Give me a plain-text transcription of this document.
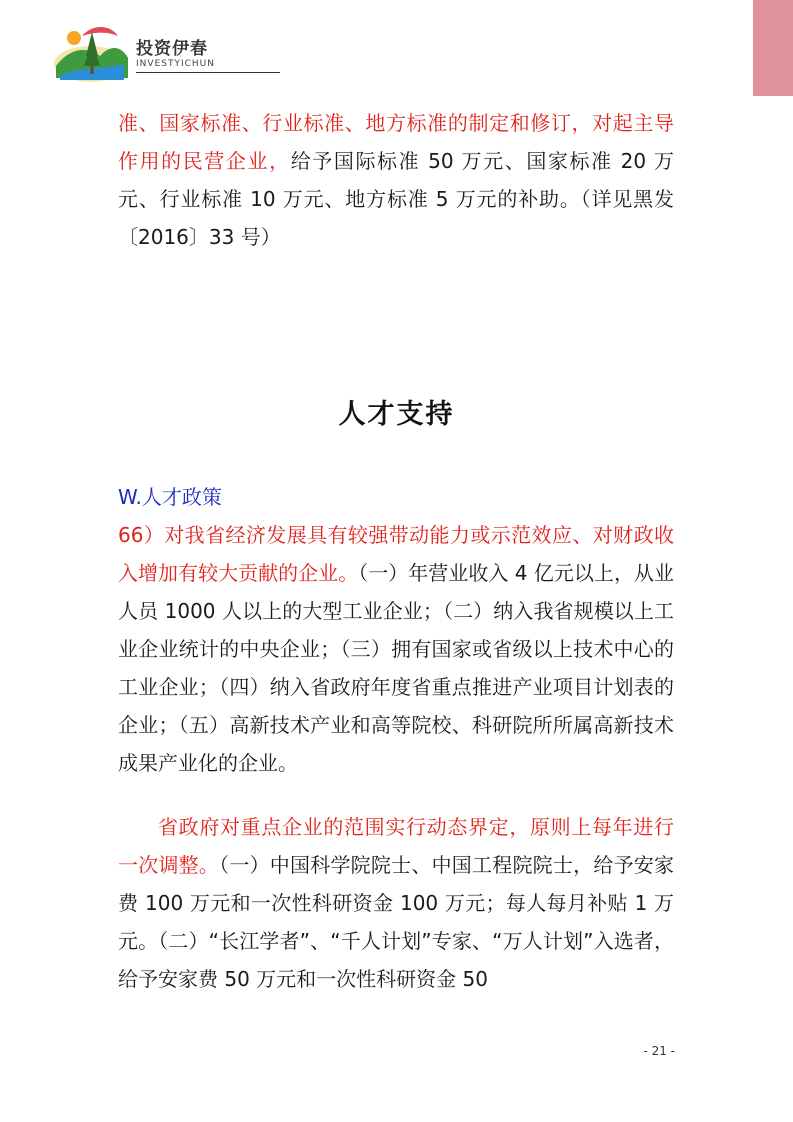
投资伊春
INVESTYICHUN

准、国家标准、行业标准、地方标准的制定和修订，对起主导作用的民营企业，给予国际标准 50 万元、国家标准 20 万元、行业标准 10 万元、地方标准 5 万元的补助。（详见黑发〔2016〕33 号）

人才支持

W.人才政策

66）对我省经济发展具有较强带动能力或示范效应、对财政收入增加有较大贡献的企业。（一）年营业收入 4 亿元以上，从业人员 1000 人以上的大型工业企业；（二）纳入我省规模以上工业企业统计的中央企业；（三）拥有国家或省级以上技术中心的工业企业；（四）纳入省政府年度省重点推进产业项目计划表的企业；（五）高新技术产业和高等院校、科研院所所属高新技术成果产业化的企业。

省政府对重点企业的范围实行动态界定，原则上每年进行一次调整。（一）中国科学院院士、中国工程院院士，给予安家费 100 万元和一次性科研资金 100 万元；每人每月补贴 1 万元。（二）“长江学者”、“千人计划”专家、“万人计划”入选者，给予安家费 50 万元和一次性科研资金 50

- 21 -
